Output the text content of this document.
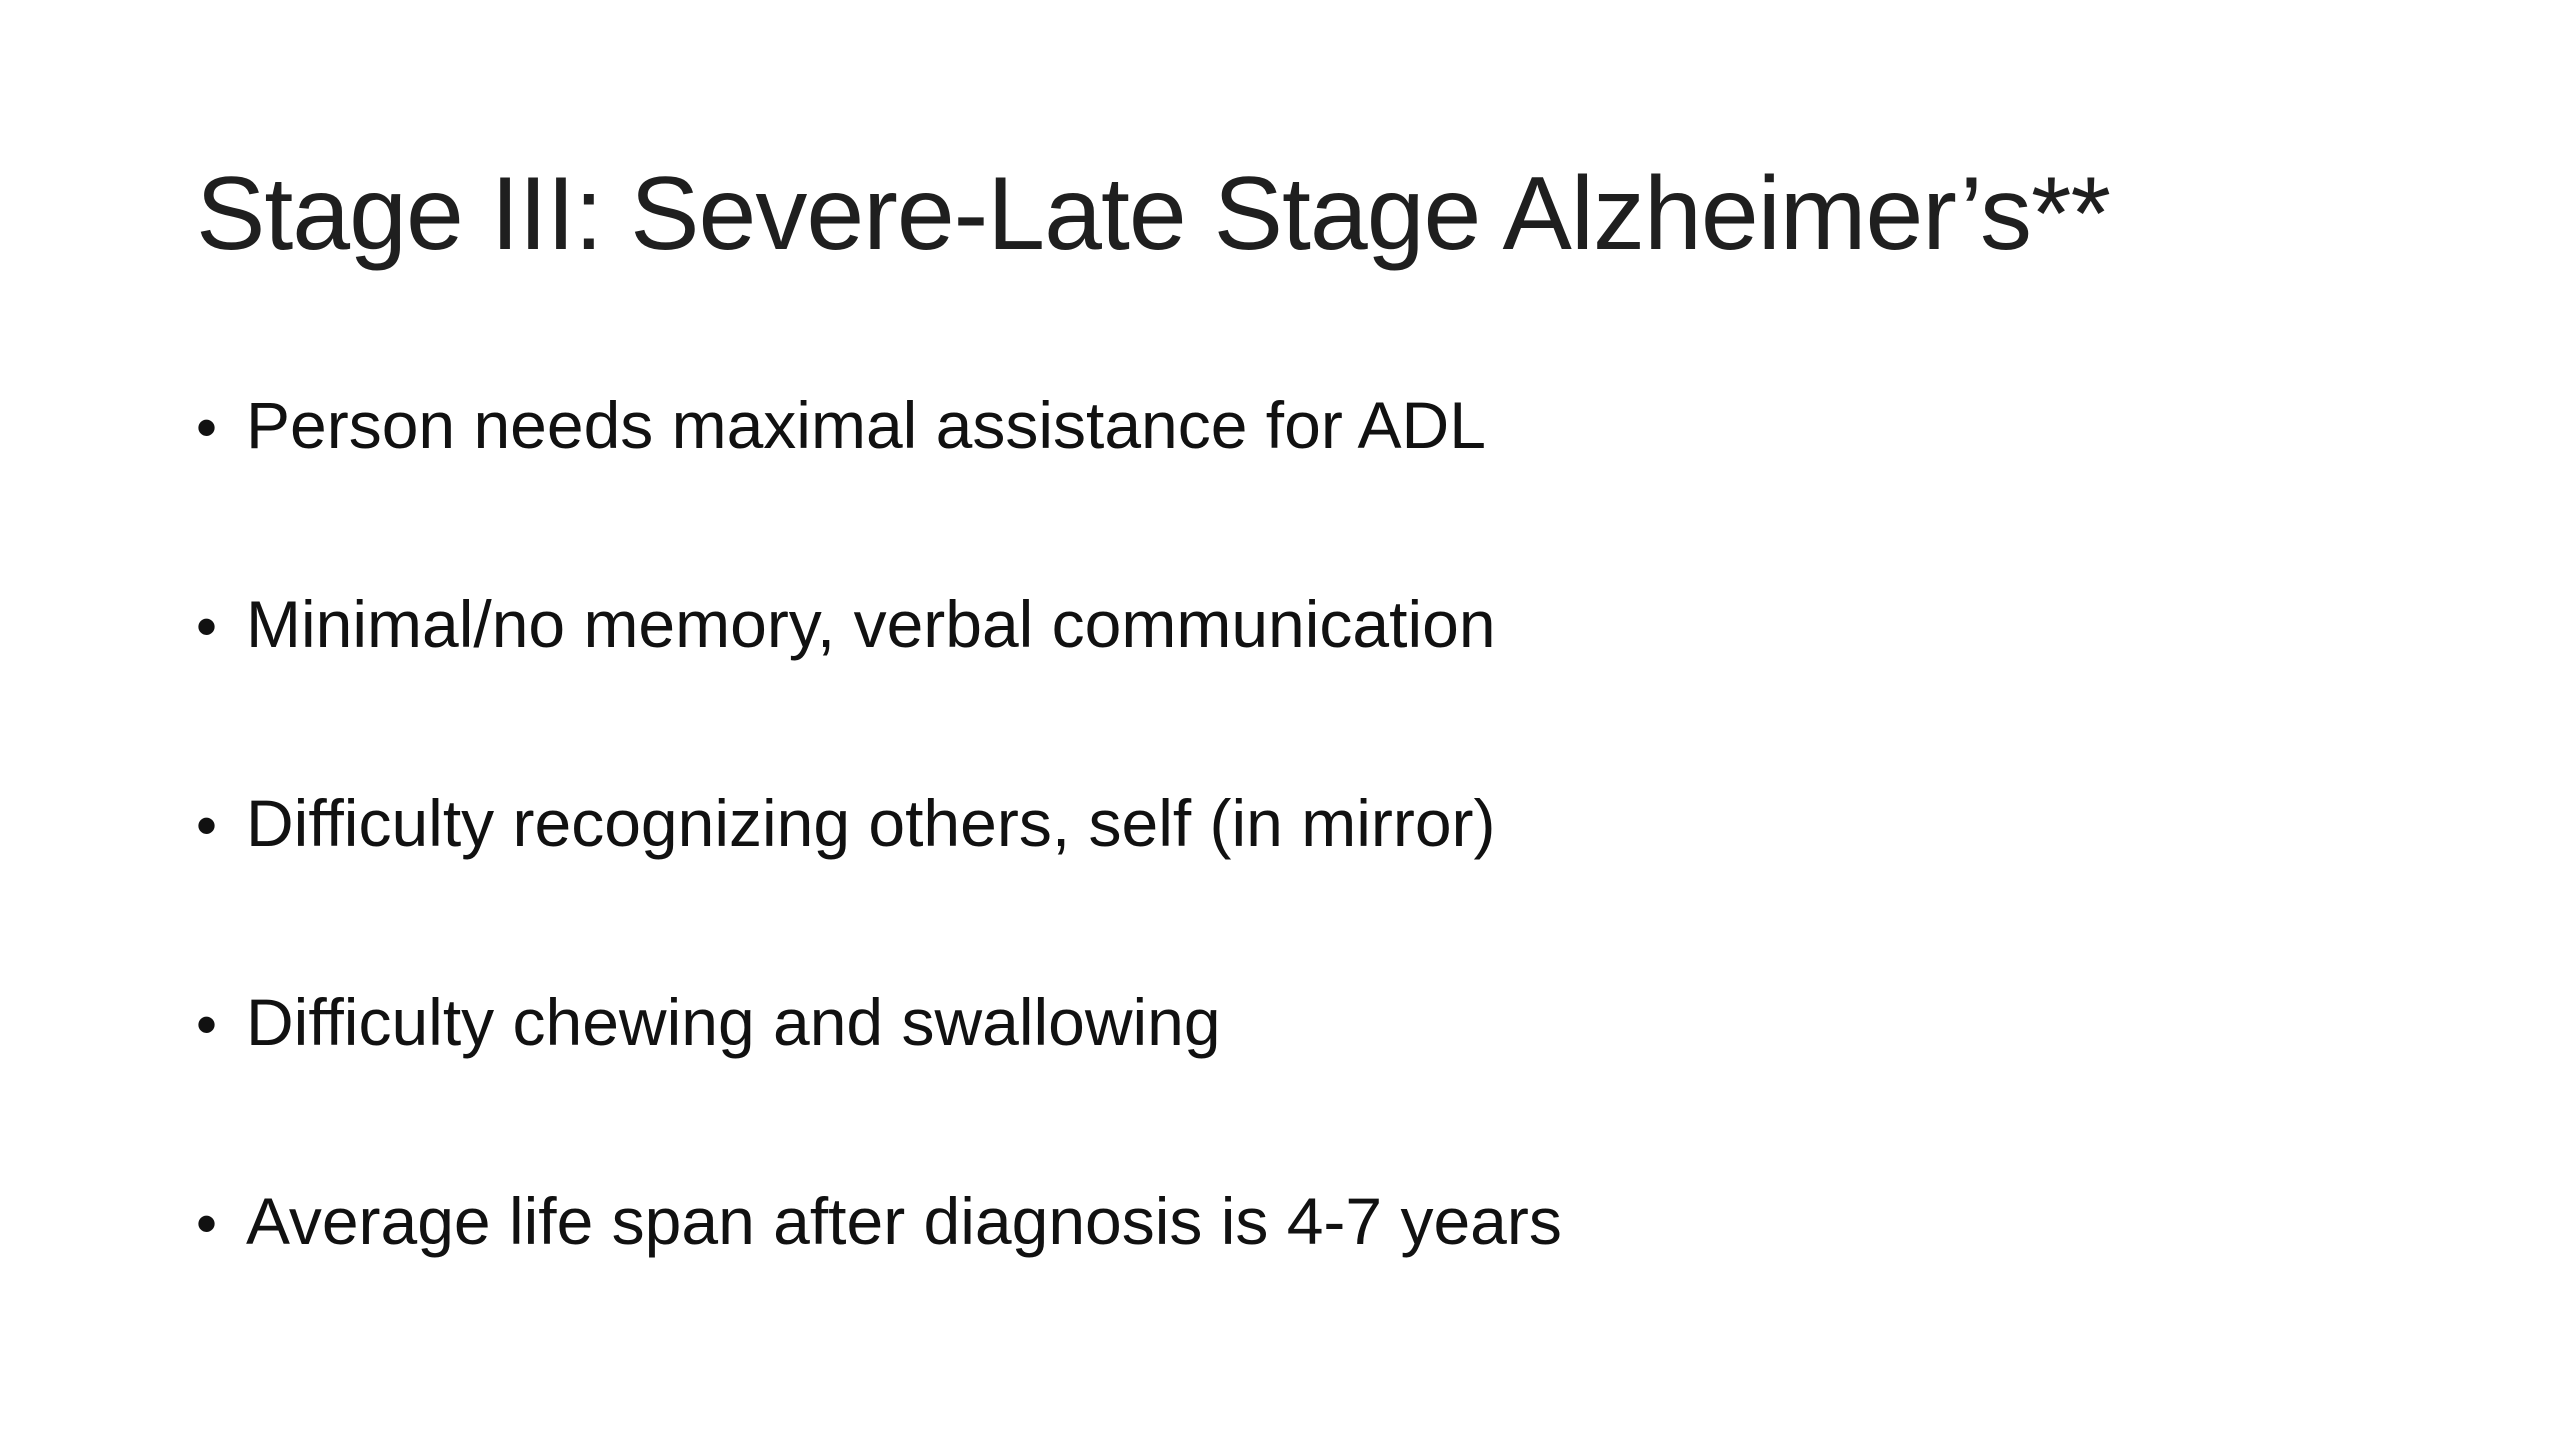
Stage III: Severe-Late Stage Alzheimer’s**
• Person needs maximal assistance for ADL
• Minimal/no memory, verbal communication
• Difficulty recognizing others, self (in mirror)
• Difficulty chewing and swallowing
• Average life span after diagnosis is 4-7 years
